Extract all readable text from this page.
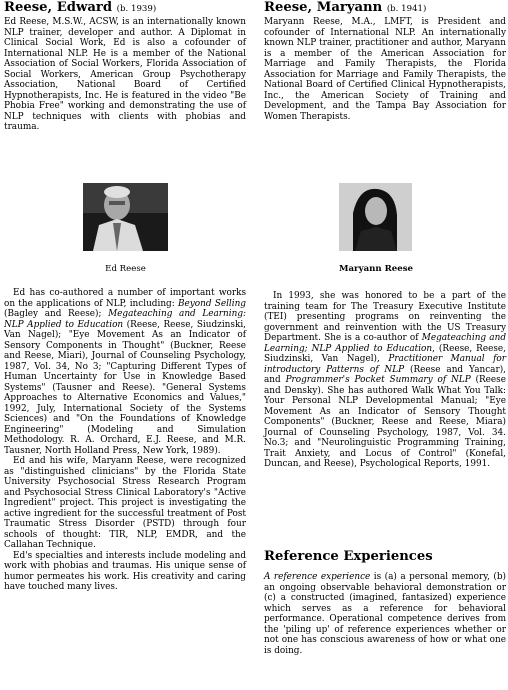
Reese, Edward (b. 1939)

Ed Reese, M.S.W., ACSW, is an internationally known NLP trainer, developer and author. A Diplomat in Clinical Social Work, Ed is also a cofounder of International NLP. He is a member of the National Association of Social Workers, Florida Association of Social Workers, American Group Psychotherapy Association, National Board of Certified Hypnotherapists, Inc. He is featured in the video "Be Phobia Free" working and demonstrating the use of NLP techniques with clients with phobias and trauma.

Ed Reese

Ed has co-authored a number of important works on the applications of NLP, including: Beyond Selling (Bagley and Reese); Megateaching and Learning: NLP Applied to Education (Reese, Reese, Siudzinski, Van Nagel); "Eye Movement As an Indicator of Sensory Components in Thought" (Buckner, Reese and Reese, Miari), Journal of Counseling Psychology, 1987, Vol. 34, No 3; "Capturing Different Types of Human Uncertainty for Use in Knowledge Based Systems" (Tausner and Reese). "General Systems Approaches to Alternative Economics and Values," 1992, July, International Society of the Systems Sciences) and "On the Foundations of Knowledge Engineering" (Modeling and Simulation Methodology. R. A. Orchard, E.J. Reese, and M.R. Tausner, North Holland Press, New York, 1989).

Ed and his wife, Maryann Reese, were recognized as "distinguished clinicians" by the Florida State University Psychosocial Stress Research Program and Psychosocial Stress Clinical Laboratory's "Active Ingredient" project. This project is investigating the active ingredient for the successful treatment of Post Traumatic Stress Disorder (PSTD) through four schools of thought: TIR, NLP, EMDR, and the Callahan Technique.

Ed's specialties and interests include modeling and work with phobias and traumas. His unique sense of humor permeates his work. His creativity and caring have touched many lives.

Reese, Maryann (b. 1941)

Maryann Reese, M.A., LMFT, is President and cofounder of International NLP. An internationally known NLP trainer, practitioner and author, Maryann is a member of the American Association for Marriage and Family Therapists, the Florida Association for Marriage and Family Therapists, the National Board of Certified Clinical Hypnotherapists, Inc., the American Society of Training and Development, and the Tampa Bay Association for Women Therapists.

Maryann Reese

In 1993, she was honored to be a part of the training team for The Treasury Executive Institute (TEI) presenting programs on reinventing the government and reinvention with the US Treasury Department. She is a co-author of Megateaching and Learning; NLP Applied to Education, (Reese, Reese, Siudzinski, Van Nagel), Practitioner Manual for introductory Patterns of NLP (Reese and Yancar), and Programmer's Pocket Summary of NLP (Reese and Densky). She has authored Walk What You Talk: Your Personal NLP Developmental Manual; "Eye Movement As an Indicator of Sensory Thought Components" (Buckner, Reese and Reese, Miara) Journal of Counseling Psychology, 1987, Vol. 34. No.3; and "Neurolinguistic Programming Training, Trait Anxiety, and Locus of Control" (Konefal, Duncan, and Reese), Psychological Reports, 1991.

Reference Experiences

A reference experience is (a) a personal memory, (b) an ongoing observable behavioral demonstration or (c) a constructed (imagined, fantasized) experience which serves as a reference for behavioral performance. Operational competence derives from the 'piling up' of reference experiences whether or not one has conscious awareness of how or what one is doing.
